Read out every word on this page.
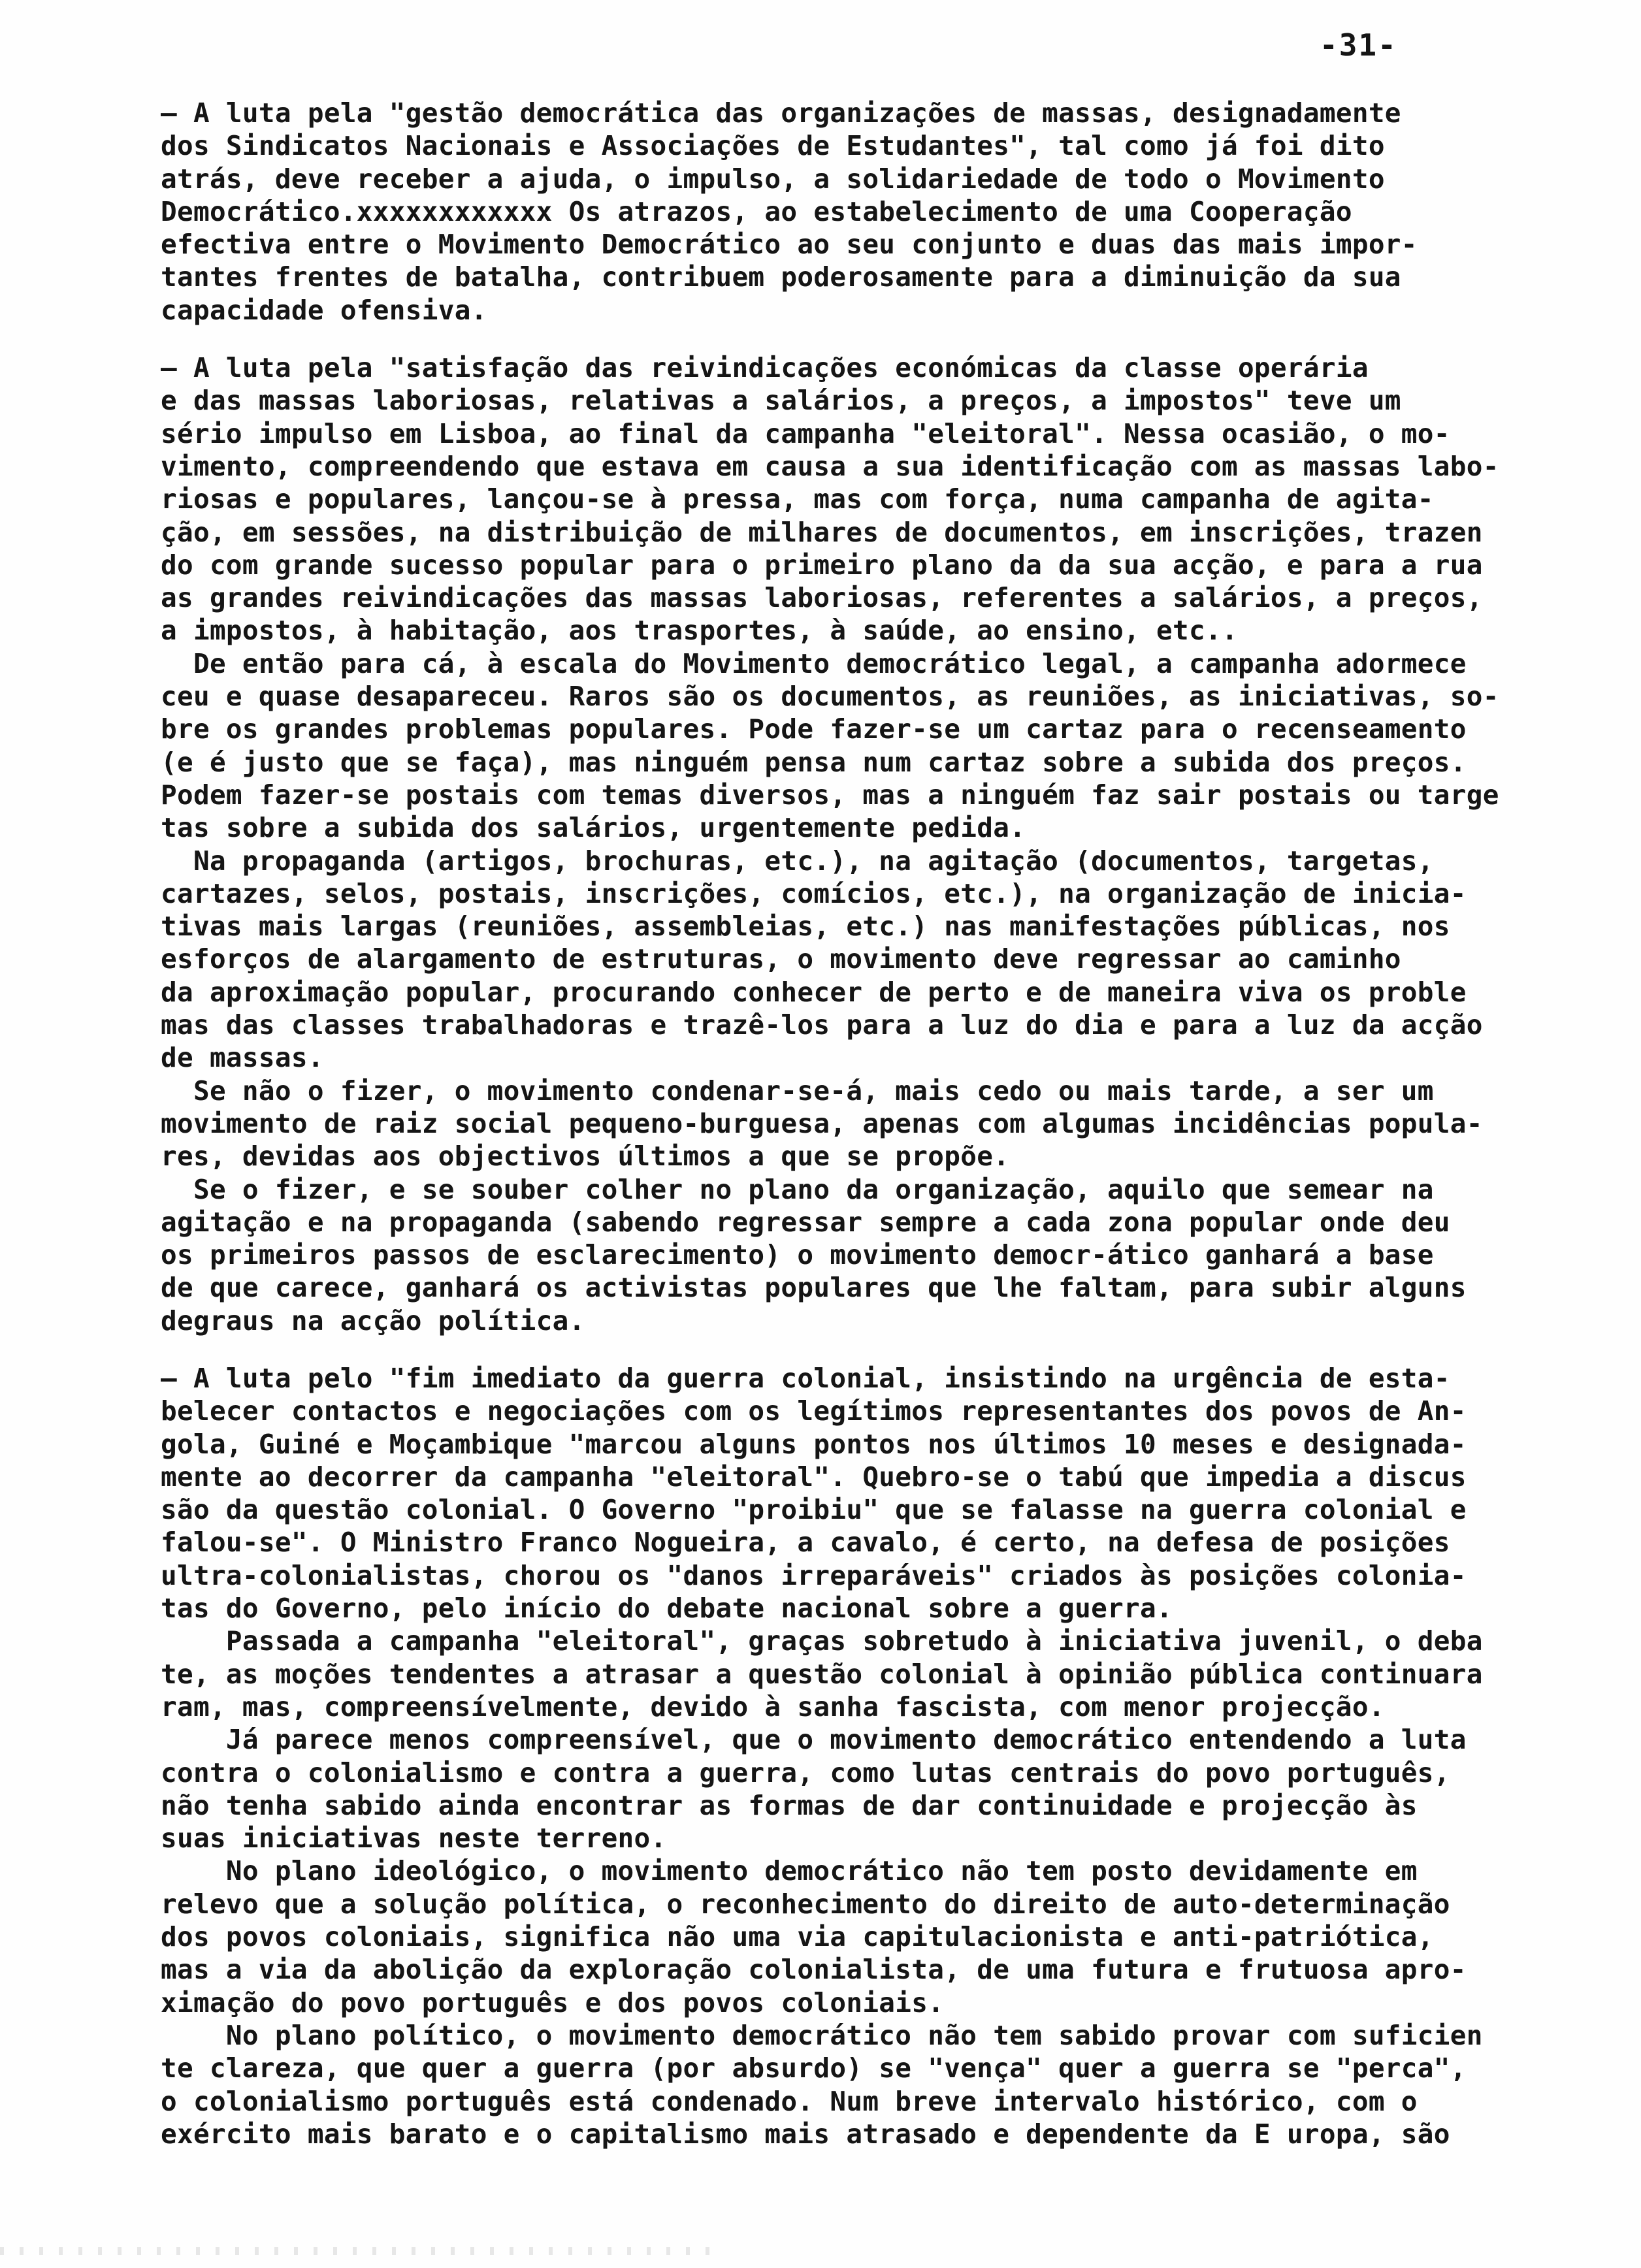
-31-
– A luta pela "gestão democrática das organizações de massas, designadamente
dos Sindicatos Nacionais e Associações de Estudantes", tal como já foi dito
atrás, deve receber a ajuda, o impulso, a solidariedade de todo o Movimento
Democrático.xxxxxxxxxxxx Os atrazos, ao estabelecimento de uma Cooperação
efectiva entre o Movimento Democrático ao seu conjunto e duas das mais impor-
tantes frentes de batalha, contribuem poderosamente para a diminuição da sua
capacidade ofensiva.
– A luta pela "satisfação das reivindicações económicas da classe operária
e das massas laboriosas, relativas a salários, a preços, a impostos" teve um
sério impulso em Lisboa, ao final da campanha "eleitoral". Nessa ocasião, o mo-
vimento, compreendendo que estava em causa a sua identificação com as massas labo-
riosas e populares, lançou-se à pressa, mas com força, numa campanha de agita-
ção, em sessões, na distribuição de milhares de documentos, em inscrições, trazen
do com grande sucesso popular para o primeiro plano da da sua acção, e para a rua
as grandes reivindicações das massas laboriosas, referentes a salários, a preços,
a impostos, à habitação, aos trasportes, à saúde, ao ensino, etc..
De então para cá, à escala do Movimento democrático legal, a campanha adormece
ceu e quase desapareceu. Raros são os documentos, as reuniões, as iniciativas, so-
bre os grandes problemas populares. Pode fazer-se um cartaz para o recenseamento
(e é justo que se faça), mas ninguém pensa num cartaz sobre a subida dos preços.
Podem fazer-se postais com temas diversos, mas a ninguém faz sair postais ou targe
tas sobre a subida dos salários, urgentemente pedida.
Na propaganda (artigos, brochuras, etc.), na agitação (documentos, targetas,
cartazes, selos, postais, inscrições, comícios, etc.), na organização de inicia-
tivas mais largas (reuniões, assembleias, etc.) nas manifestações públicas, nos
esforços de alargamento de estruturas, o movimento deve regressar ao caminho
da aproximação popular, procurando conhecer de perto e de maneira viva os proble
mas das classes trabalhadoras e trazê-los para a luz do dia e para a luz da acção
de massas.
Se não o fizer, o movimento condenar-se-á, mais cedo ou mais tarde, a ser um
movimento de raiz social pequeno-burguesa, apenas com algumas incidências popula-
res, devidas aos objectivos últimos a que se propõe.
Se o fizer, e se souber colher no plano da organização, aquilo que semear na
agitação e na propaganda (sabendo regressar sempre a cada zona popular onde deu
os primeiros passos de esclarecimento) o movimento democr-ático ganhará a base
de que carece, ganhará os activistas populares que lhe faltam, para subir alguns
degraus na acção política.
– A luta pelo "fim imediato da guerra colonial, insistindo na urgência de esta-
belecer contactos e negociações com os legítimos representantes dos povos de An-
gola, Guiné e Moçambique "marcou alguns pontos nos últimos 10 meses e designada-
mente ao decorrer da campanha "eleitoral". Quebro-se o tabú que impedia a discus
são da questão colonial. O Governo "proibiu" que se falasse na guerra colonial e
falou-se". O Ministro Franco Nogueira, a cavalo, é certo, na defesa de posições
ultra-colonialistas, chorou os "danos irreparáveis" criados às posições colonia-
tas do Governo, pelo início do debate nacional sobre a guerra.
Passada a campanha "eleitoral", graças sobretudo à iniciativa juvenil, o deba
te, as moções tendentes a atrasar a questão colonial à opinião pública continuara
ram, mas, compreensívelmente, devido à sanha fascista, com menor projecção.
Já parece menos compreensível, que o movimento democrático entendendo a luta
contra o colonialismo e contra a guerra, como lutas centrais do povo português,
não tenha sabido ainda encontrar as formas de dar continuidade e projecção às
suas iniciativas neste terreno.
No plano ideológico, o movimento democrático não tem posto devidamente em
relevo que a solução política, o reconhecimento do direito de auto-determinação
dos povos coloniais, significa não uma via capitulacionista e anti-patriótica,
mas a via da abolição da exploração colonialista, de uma futura e frutuosa apro-
ximação do povo português e dos povos coloniais.
No plano político, o movimento democrático não tem sabido provar com suficien
te clareza, que quer a guerra (por absurdo) se "vença" quer a guerra se "perca",
o colonialismo português está condenado. Num breve intervalo histórico, com o
exército mais barato e o capitalismo mais atrasado e dependente da E uropa, são
